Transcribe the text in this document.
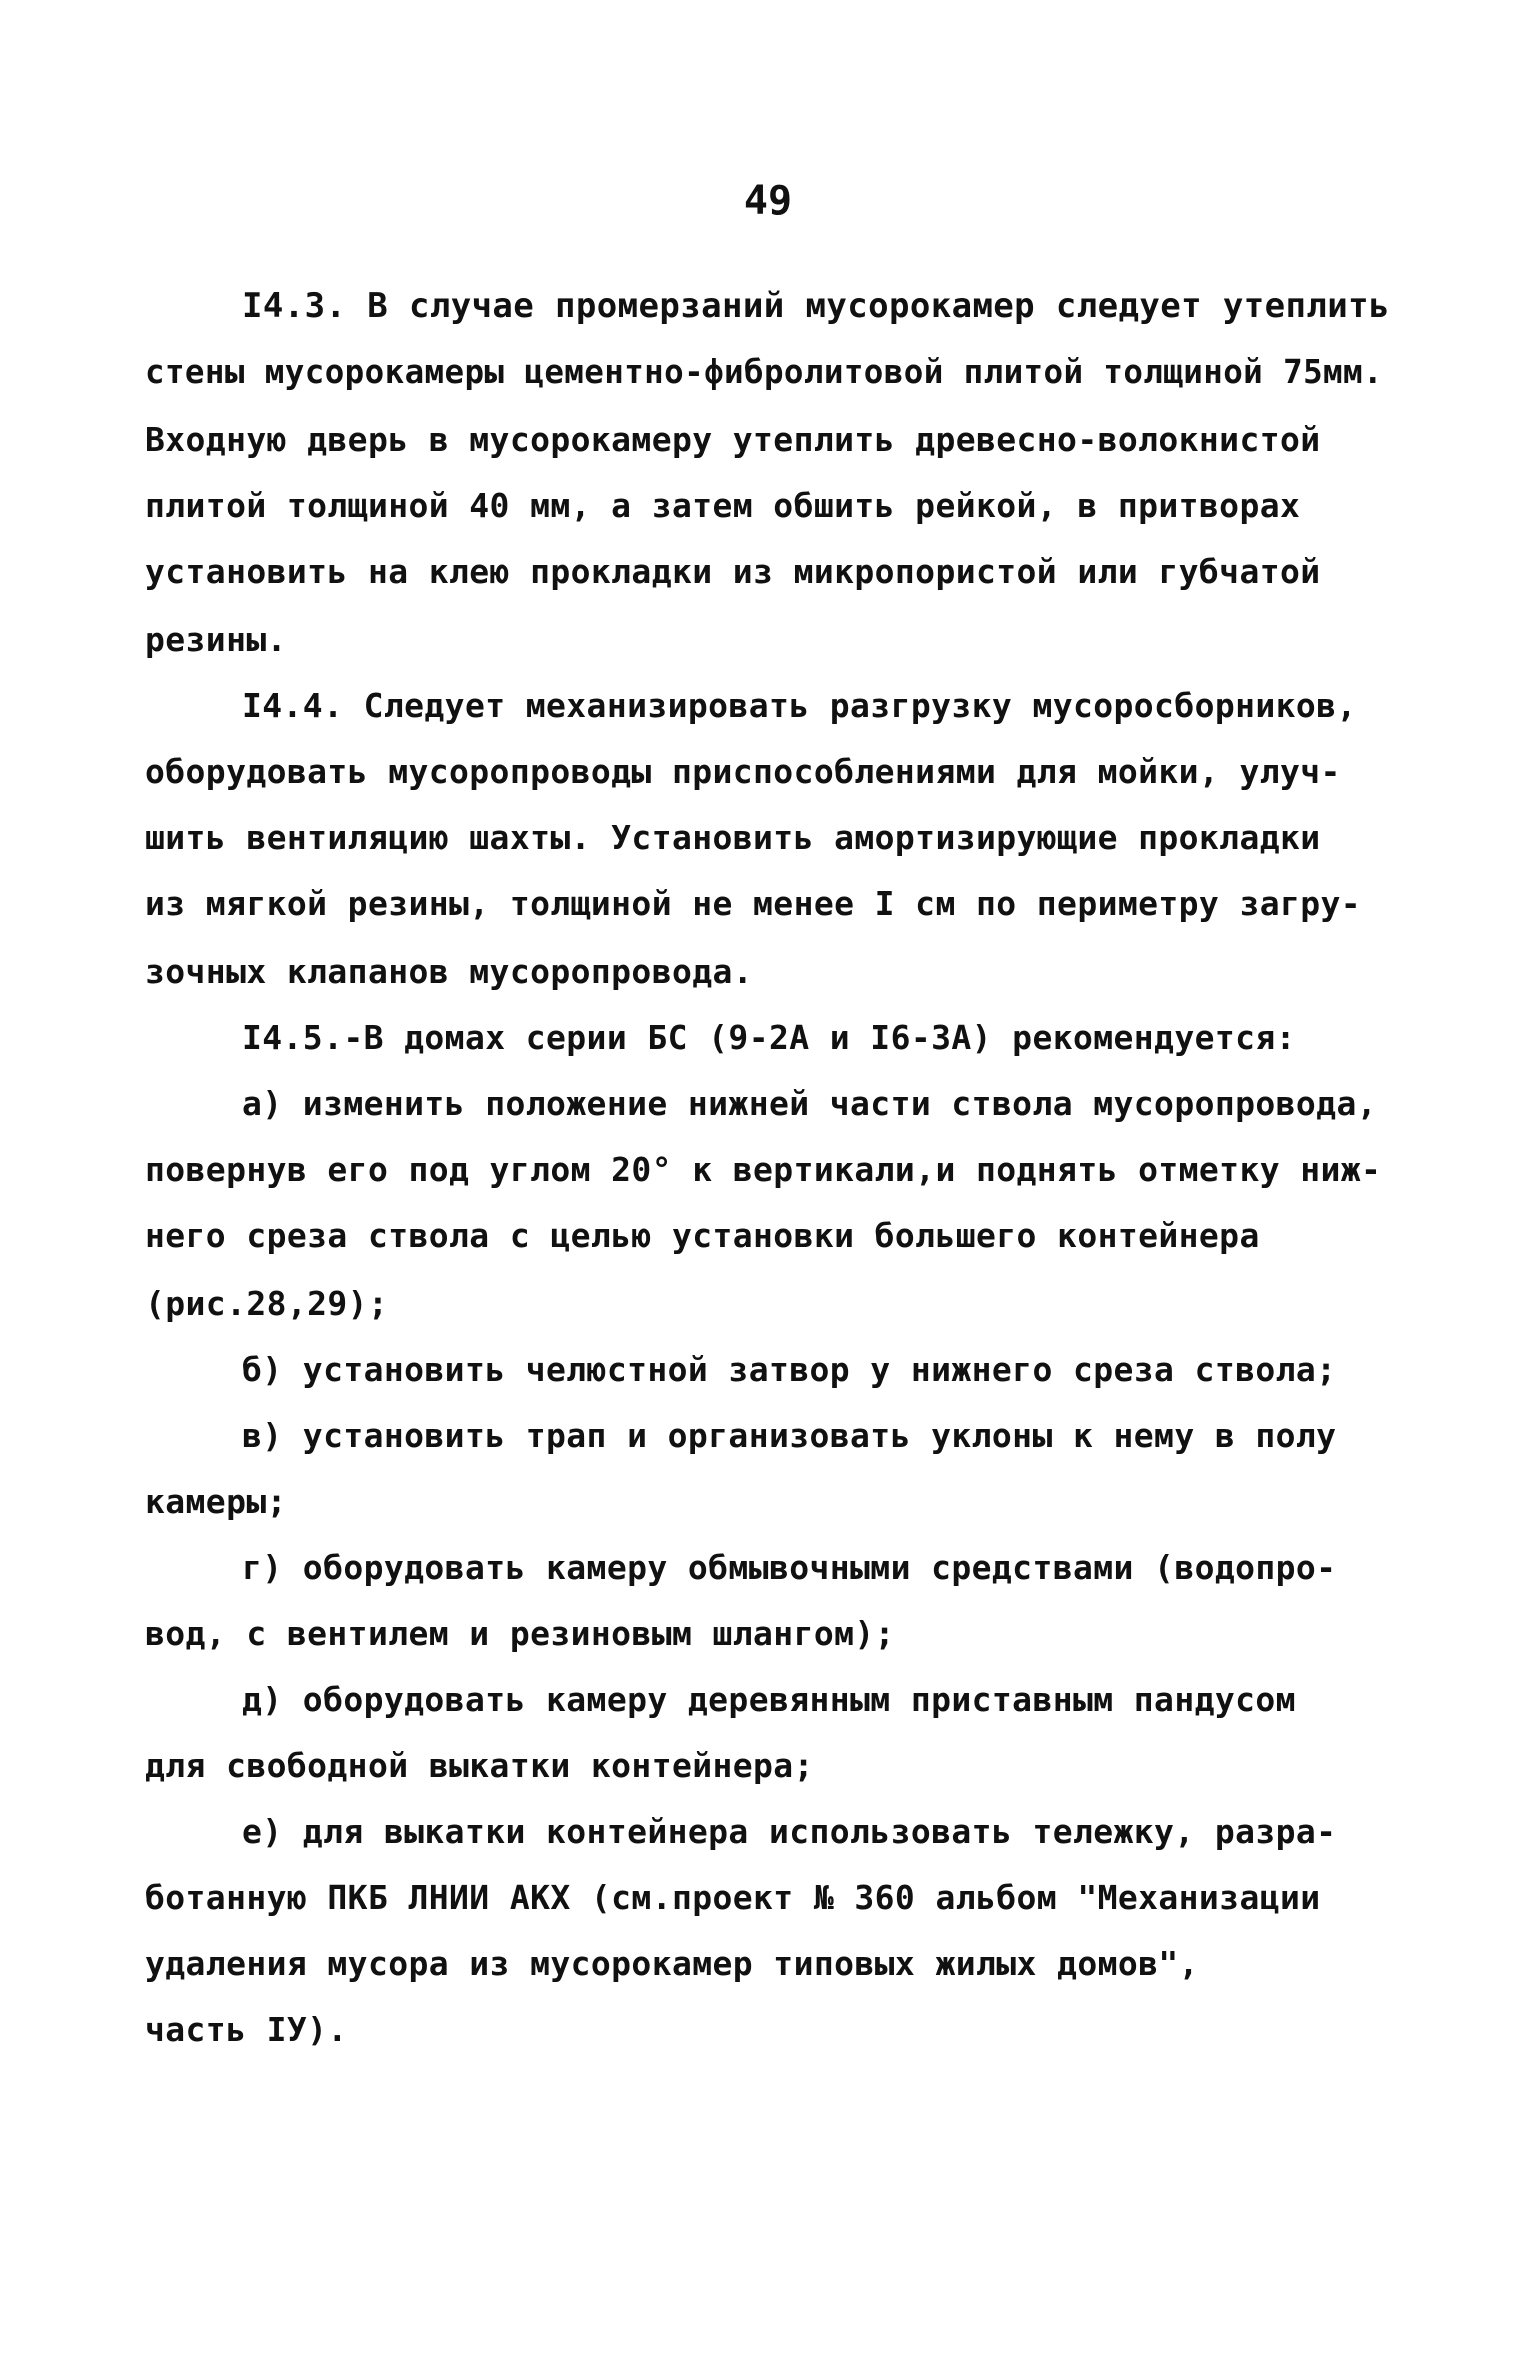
49
I4.3. В случае промерзаний мусорокамер следует утеплить
стены мусорокамеры цементно-фибролитовой плитой толщиной 75мм.
Входную дверь в мусорокамеру утеплить древесно-волокнистой
плитой толщиной 40 мм, а затем обшить рейкой, в притворах
установить на клею прокладки из микропористой или губчатой
резины.
I4.4. Следует механизировать разгрузку мусоросборников,
оборудовать мусоропроводы приспособлениями для мойки, улуч-
шить вентиляцию шахты. Установить амортизирующие прокладки
из мягкой резины, толщиной не менее I см по периметру загру-
зочных клапанов мусоропровода.
I4.5.-В домах серии БС (9-2А и I6-3А) рекомендуется:
а) изменить положение нижней части ствола мусоропровода,
повернув его под углом 20° к вертикали,и поднять отметку ниж-
него среза ствола с целью установки большего контейнера
(рис.28,29);
б) установить челюстной затвор у нижнего среза ствола;
в) установить трап и организовать уклоны к нему в полу
камеры;
г) оборудовать камеру обмывочными средствами (водопро-
вод, с вентилем и резиновым шлангом);
д) оборудовать камеру деревянным приставным пандусом
для свободной выкатки контейнера;
е) для выкатки контейнера использовать тележку, разра-
ботанную ПКБ ЛНИИ АКХ (см.проект № 360 альбом "Механизации
удаления мусора из мусорокамер типовых жилых домов",
часть IУ).
